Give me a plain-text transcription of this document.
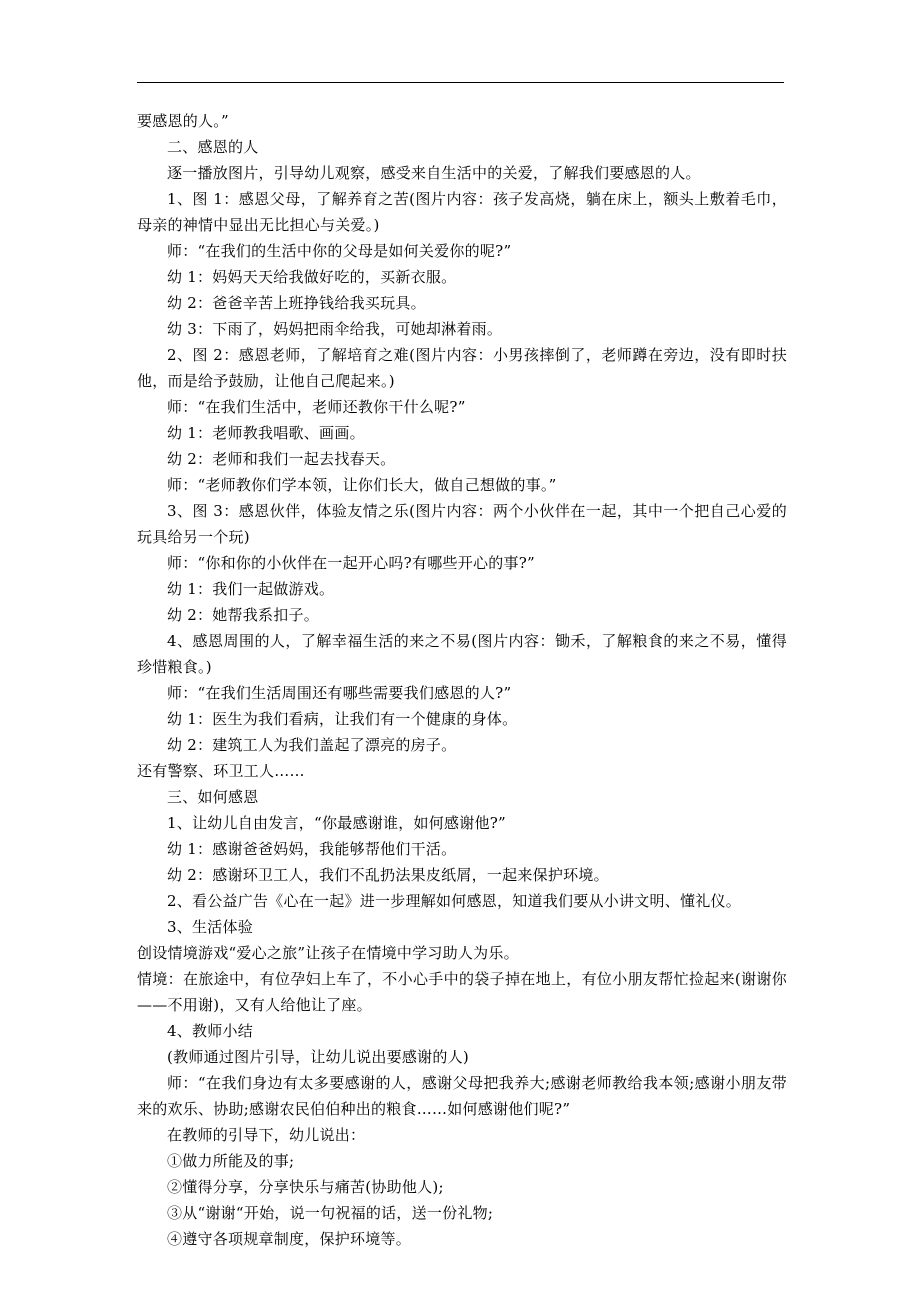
要感恩的人。”

二、感恩的人

逐一播放图片，引导幼儿观察，感受来自生活中的关爱，了解我们要感恩的人。

1、图 1：感恩父母，了解养育之苦(图片内容：孩子发高烧，躺在床上，额头上敷着毛巾，母亲的神情中显出无比担心与关爱。)

师：“在我们的生活中你的父母是如何关爱你的呢?”

幼 1：妈妈天天给我做好吃的，买新衣服。

幼 2：爸爸辛苦上班挣钱给我买玩具。

幼 3：下雨了，妈妈把雨伞给我，可她却淋着雨。

2、图 2：感恩老师，了解培育之难(图片内容：小男孩摔倒了，老师蹲在旁边，没有即时扶他，而是给予鼓励，让他自己爬起来。)

师：“在我们生活中，老师还教你干什么呢?”

幼 1：老师教我唱歌、画画。

幼 2：老师和我们一起去找春天。

师：“老师教你们学本领，让你们长大，做自己想做的事。”

3、图 3：感恩伙伴，体验友情之乐(图片内容：两个小伙伴在一起，其中一个把自己心爱的玩具给另一个玩)

师：“你和你的小伙伴在一起开心吗?有哪些开心的事?”

幼 1：我们一起做游戏。

幼 2：她帮我系扣子。

4、感恩周围的人，了解幸福生活的来之不易(图片内容：锄禾，了解粮食的来之不易，懂得珍惜粮食。)

师：“在我们生活周围还有哪些需要我们感恩的人?”

幼 1：医生为我们看病，让我们有一个健康的身体。

幼 2：建筑工人为我们盖起了漂亮的房子。

还有警察、环卫工人……

三、如何感恩

1、让幼儿自由发言，“你最感谢谁，如何感谢他?”

幼 1：感谢爸爸妈妈，我能够帮他们干活。

幼 2：感谢环卫工人，我们不乱扔法果皮纸屑，一起来保护环境。

2、看公益广告《心在一起》进一步理解如何感恩，知道我们要从小讲文明、懂礼仪。

3、生活体验

创设情境游戏“爱心之旅”让孩子在情境中学习助人为乐。

情境：在旅途中，有位孕妇上车了，不小心手中的袋子掉在地上，有位小朋友帮忙捡起来(谢谢你——不用谢)，又有人给他让了座。

4、教师小结

(教师通过图片引导，让幼儿说出要感谢的人)

师：“在我们身边有太多要感谢的人，感谢父母把我养大;感谢老师教给我本领;感谢小朋友带来的欢乐、协助;感谢农民伯伯种出的粮食……如何感谢他们呢?”

在教师的引导下，幼儿说出：

①做力所能及的事;

②懂得分享，分享快乐与痛苦(协助他人);

③从“谢谢“开始，说一句祝福的话，送一份礼物;

④遵守各项规章制度，保护环境等。
